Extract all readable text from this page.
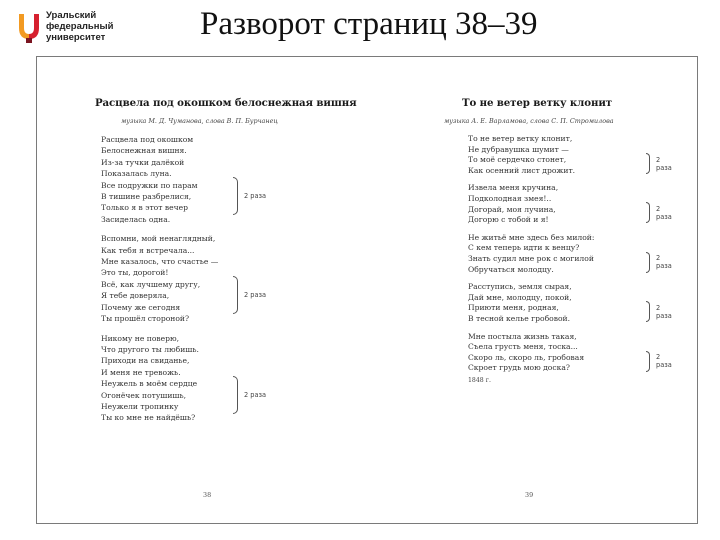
Уральский
федеральный
университет	Разворот страниц 38–39
Расцвела под окошком белоснежная вишня
музыка М. Д. Чуманова, слова В. П. Бурчанец
Расцвела под окошком
Белоснежная вишня.
Из-за тучки далёкой
Показалась луна.
Все подружки по парам
В тишине разбрелися,
Только я в этот вечер
Засиделась одна.
2 раза
Вспомни, мой ненаглядный,
Как тебя я встречала...
Мне казалось, что счастье —
Это ты, дорогой!
Всё, как лучшему другу,
Я тебе доверяла,
Почему же сегодня
Ты прошёл стороной?
2 раза
Никому не поверю,
Что другого ты любишь.
Приходи на свиданье,
И меня не тревожь.
Неужель в моём сердце
Огонёчек потушишь,
Неужели тропинку
Ты ко мне не найдёшь?
2 раза
То не ветер ветку клонит
музыка А. Е. Варламова, слова С. П. Стромилова
То не ветер ветку клонит,
Не дубравушка шумит —
То моё сердечко стонет,
Как осенний лист дрожит.
2 раза
Извела меня кручина,
Подколодная змея!..
Догорай, моя лучина,
Догорю с тобой и я!
2 раза
Не житьё мне здесь без милой:
С кем теперь идти к венцу?
Знать судил мне рок с могилой
Обручаться молодцу.
2 раза
Расступись, земля сырая,
Дай мне, молодцу, покой,
Приюти меня, родная,
В тесной келье гробовой.
2 раза
Мне постыла жизнь такая,
Съела грусть меня, тоска...
Скоро ль, скоро ль, гробовая
Скроет грудь мою доска?
2 раза
1848 г.
38	39
